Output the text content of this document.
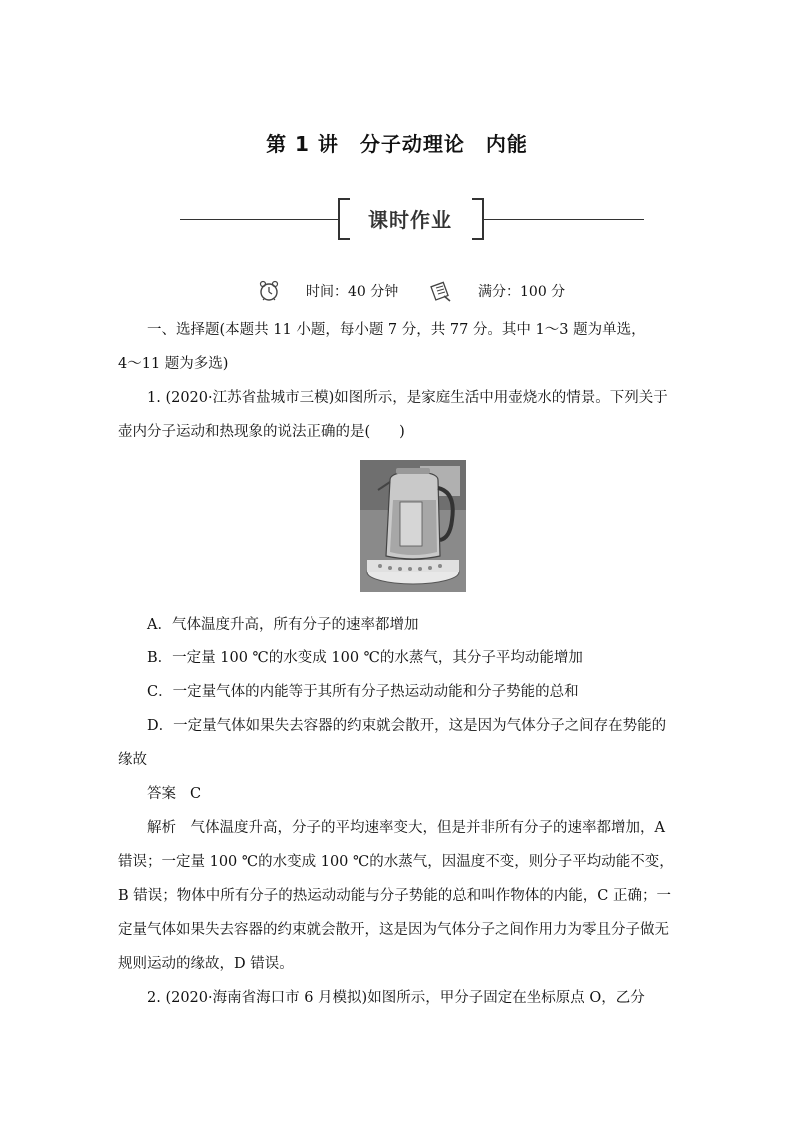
第 1 讲　分子动理论　内能
课时作业
时间：40 分钟	满分：100 分
一、选择题(本题共 11 小题，每小题 7 分，共 77 分。其中 1～3 题为单选，
4～11 题为多选)
1. (2020·江苏省盐城市三模)如图所示，是家庭生活中用壶烧水的情景。下列关于壶内分子运动和热现象的说法正确的是(　　)
A．气体温度升高，所有分子的速率都增加
B．一定量 100 ℃的水变成 100 ℃的水蒸气，其分子平均动能增加
C．一定量气体的内能等于其所有分子热运动动能和分子势能的总和
D．一定量气体如果失去容器的约束就会散开，这是因为气体分子之间存在势能的缘故
答案 C
解析　 气体温度升高，分子的平均速率变大，但是并非所有分子的速率都增加，A 错误；一定量 100 ℃的水变成 100 ℃的水蒸气，因温度不变，则分子平均动能不变，B 错误；物体中所有分子的热运动动能与分子势能的总和叫作物体的内能，C 正确；一定量气体如果失去容器的约束就会散开，这是因为气体分子之间作用力为零且分子做无规则运动的缘故，D 错误。
2. (2020·海南省海口市 6 月模拟)如图所示，甲分子固定在坐标原点 O，乙分
